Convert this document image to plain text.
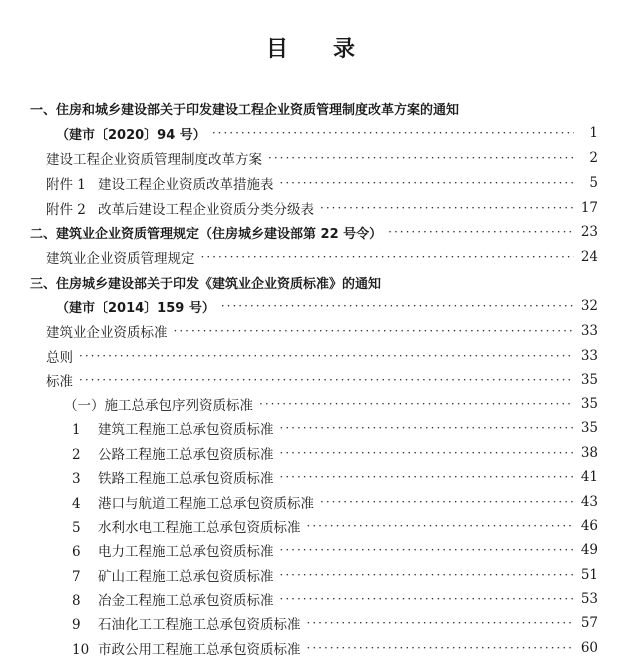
目 录
一、住房和城乡建设部关于印发建设工程企业资质管理制度改革方案的通知
（建市〔2020〕94 号） ·····	1
建设工程企业资质管理制度改革方案 ·····	2
附件 1 建设工程企业资质改革措施表 ·····	5
附件 2 改革后建设工程企业资质分类分级表 ·····	17
二、建筑业企业资质管理规定（住房城乡建设部第 22 号令） ·····	23
建筑业企业资质管理规定 ·····	24
三、住房城乡建设部关于印发《建筑业企业资质标准》的通知
（建市〔2014〕159 号） ·····	32
建筑业企业资质标准 ·····	33
总则 ·····	33
标准 ·····	35
（一）施工总承包序列资质标准 ·····	35
1 建筑工程施工总承包资质标准 ·····	35
2 公路工程施工总承包资质标准 ·····	38
3 铁路工程施工总承包资质标准 ·····	41
4 港口与航道工程施工总承包资质标准 ·····	43
5 水利水电工程施工总承包资质标准 ·····	46
6 电力工程施工总承包资质标准 ·····	49
7 矿山工程施工总承包资质标准 ·····	51
8 冶金工程施工总承包资质标准 ·····	53
9 石油化工工程施工总承包资质标准 ·····	57
10 市政公用工程施工总承包资质标准 ·····	60
